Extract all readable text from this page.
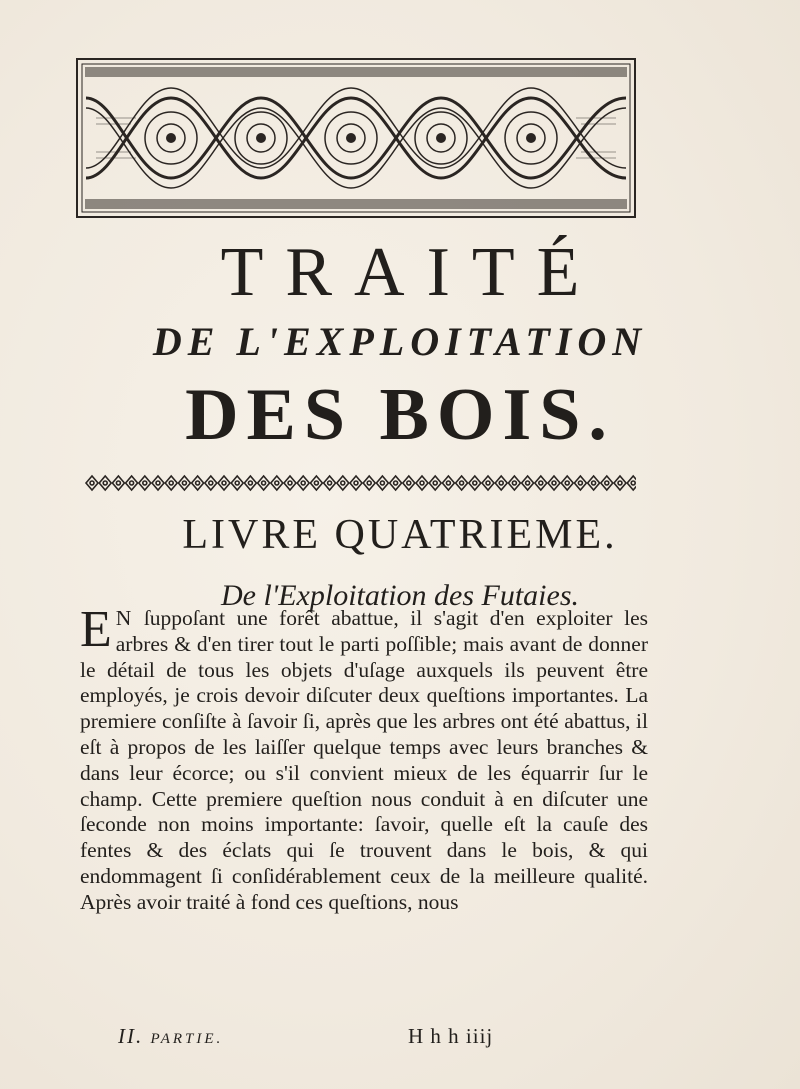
TRAITÉ
DE L'EXPLOITATION
DES BOIS.
LIVRE QUATRIEME.
De l'Exploitation des Futaies.
E N ſuppoſant une forêt abattue, il s'agit d'en exploiter les arbres & d'en tirer tout le parti poſſible; mais avant de donner le détail de tous les objets d'uſage auxquels ils peuvent être employés, je crois devoir diſcuter deux queſtions importantes. La premiere conſiſte à ſavoir ſi, après que les arbres ont été abattus, il eſt à propos de les laiſſer quelque temps avec leurs branches & dans leur écorce; ou s'il convient mieux de les équarrir ſur le champ. Cette premiere queſtion nous conduit à en diſcuter une ſeconde non moins importante: ſavoir, quelle eſt la cauſe des fentes & des éclats qui ſe trouvent dans le bois, & qui endommagent ſi conſidérablement ceux de la meilleure qualité. Après avoir traité à fond ces queſtions, nous
II. PARTIE.	H h h iiij
